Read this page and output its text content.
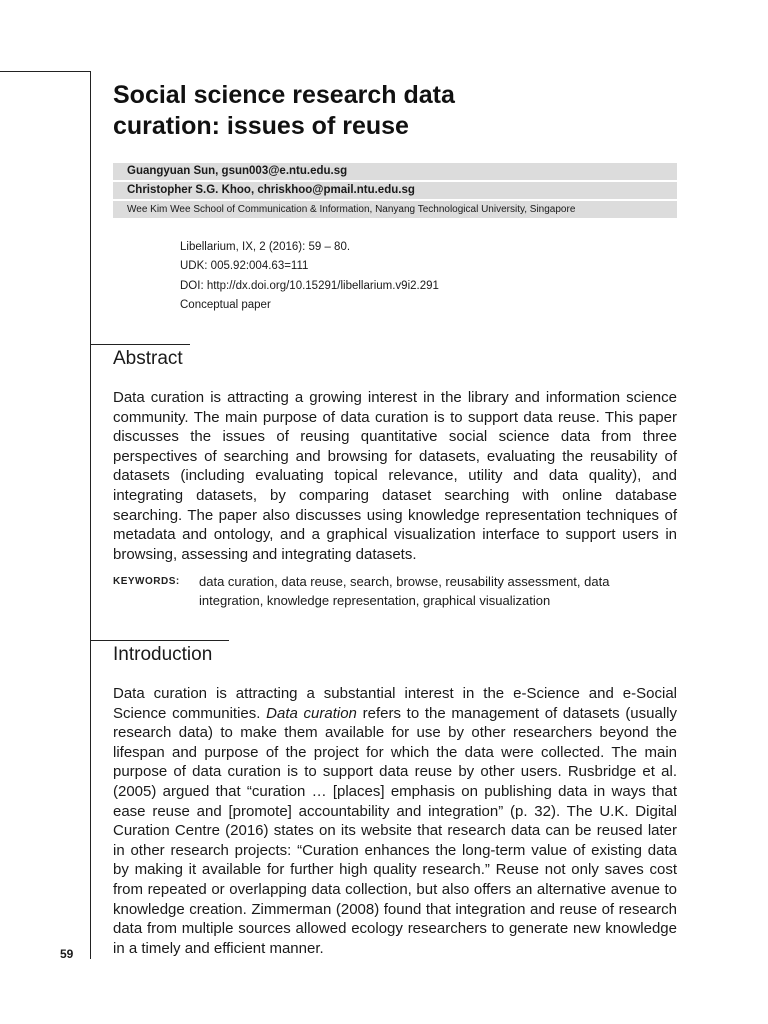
Social science research data
curation: issues of reuse
Guangyuan Sun, gsun003@e.ntu.edu.sg
Christopher S.G. Khoo, chriskhoo@pmail.ntu.edu.sg
Wee Kim Wee School of Communication & Information, Nanyang Technological University, Singapore
Libellarium, IX, 2 (2016): 59 – 80.
UDK: 005.92:004.63=111
DOI: http://dx.doi.org/10.15291/libellarium.v9i2.291
Conceptual paper
Abstract

Data curation is attracting a growing interest in the library and information science community. The main purpose of data curation is to support data reuse. This paper discusses the issues of reusing quantitative social science data from three perspectives of searching and browsing for datasets, evaluating the reusability of datasets (including evaluating topical relevance, utility and data quality), and integrating datasets, by comparing dataset searching with online database searching. The paper also discusses using knowledge representation techniques of metadata and ontology, and a graphical visualization interface to support users in browsing, assessing and integrating datasets.

KEYWORDS: data curation, data reuse, search, browse, reusability assessment, data integration, knowledge representation, graphical visualization
Introduction

Data curation is attracting a substantial interest in the e-Science and e-Social Science communities. Data curation refers to the management of datasets (usually research data) to make them available for use by other researchers beyond the lifespan and purpose of the project for which the data were collected. The main purpose of data curation is to support data reuse by other users. Rusbridge et al. (2005) argued that “curation … [places] emphasis on publishing data in ways that ease reuse and [promote] accountability and integration” (p. 32). The U.K. Digital Curation Centre (2016) states on its website that research data can be reused later in other research projects: “Curation enhances the long-term value of existing data by making it available for further high quality research.” Reuse not only saves cost from repeated or overlapping data collection, but also offers an alternative avenue to knowledge creation. Zimmerman (2008) found that integration and reuse of research data from multiple sources allowed ecology researchers to generate new knowledge in a timely and efficient manner.

59
